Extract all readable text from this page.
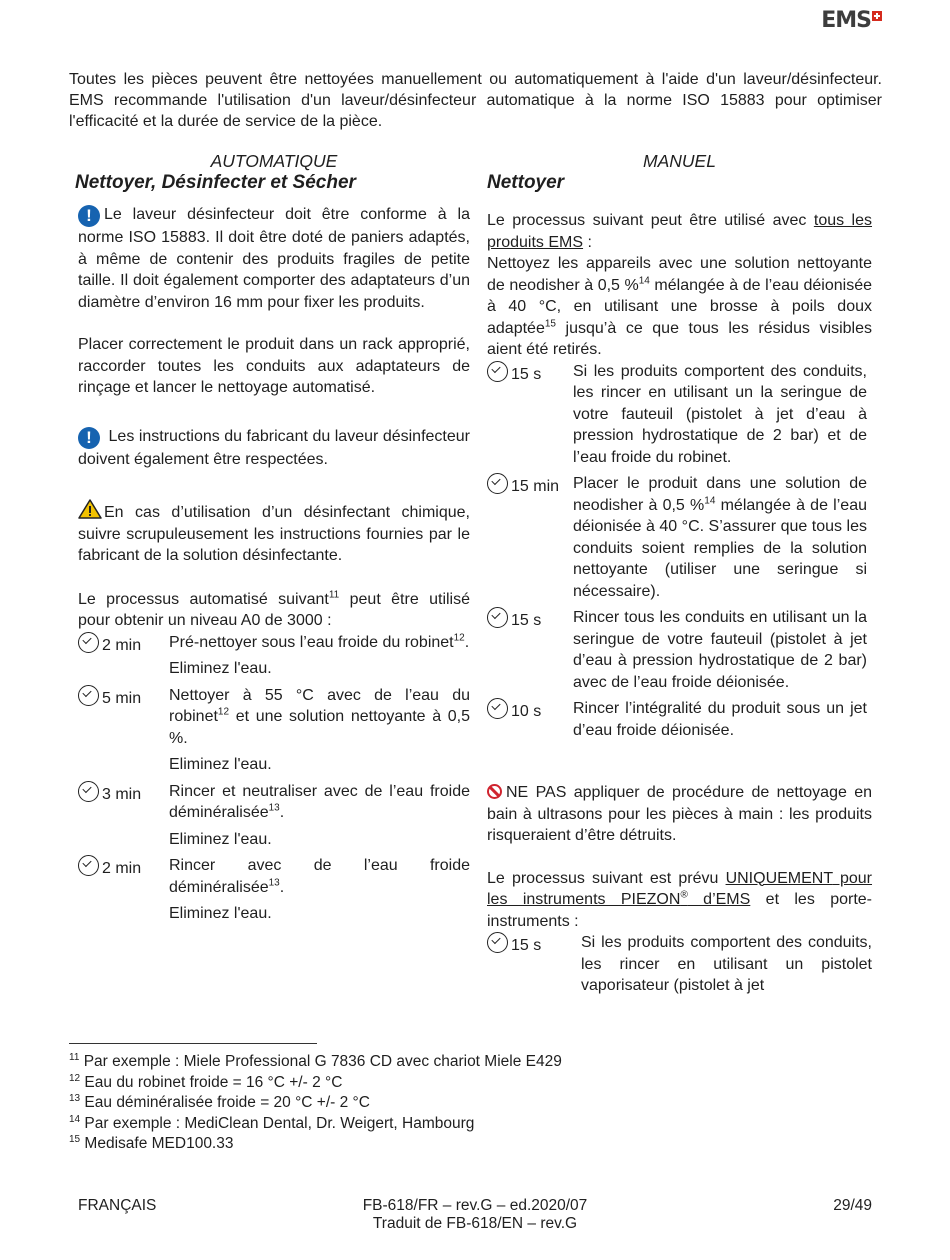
EMS
Toutes les pièces peuvent être nettoyées manuellement ou automatiquement à l'aide d'un laveur/désinfecteur. EMS recommande l'utilisation d'un laveur/désinfecteur automatique à la norme ISO 15883 pour optimiser l'efficacité et la durée de service de la pièce.
AUTOMATIQUE
Nettoyer, Désinfecter et Sécher

! Le laveur désinfecteur doit être conforme à la norme ISO 15883. Il doit être doté de paniers adaptés, à même de contenir des produits fragiles de petite taille. Il doit également comporter des adaptateurs d’un diamètre d’environ 16 mm pour fixer les produits.

Placer correctement le produit dans un rack approprié, raccorder toutes les conduits aux adaptateurs de rinçage et lancer le nettoyage automatisé.

! Les instructions du fabricant du laveur désinfecteur doivent également être respectées.

En cas d’utilisation d’un désinfectant chimique, suivre scrupuleusement les instructions fournies par le fabricant de la solution désinfectante.

Le processus automatisé suivant$^{11}$ peut être utilisé pour obtenir un niveau A0 de 3000 :

2 min Pré-nettoyer sous l’eau froide du robinet$^{12}$.

Eliminez l'eau.

5 min Nettoyer à 55 °C avec de l’eau du robinet$^{12}$ et une solution nettoyante à 0,5 %.

Eliminez l'eau.

3 min Rincer et neutraliser avec de l’eau froide déminéralisée$^{13}$.

Eliminez l'eau.

2 min Rincer avec de l’eau froide déminéralisée$^{13}$.

Eliminez l'eau.

MANUEL
Nettoyer

Le processus suivant peut être utilisé avec tous les produits EMS :

Nettoyez les appareils avec une solution nettoyante de neodisher à 0,5 %$^{14}$ mélangée à de l’eau déionisée à 40 °C, en utilisant une brosse à poils doux adaptée$^{15}$ jusqu’à ce que tous les résidus visibles aient été retirés.

15 s Si les produits comportent des conduits, les rincer en utilisant un la seringue de votre fauteuil (pistolet à jet d’eau à pression hydrostatique de 2 bar) et de l’eau froide du robinet.

15 min Placer le produit dans une solution de neodisher à 0,5 %$^{14}$ mélangée à de l’eau déionisée à 40 °C. S’assurer que tous les conduits soient remplies de la solution nettoyante (utiliser une seringue si nécessaire).

15 s Rincer tous les conduits en utilisant un la seringue de votre fauteuil (pistolet à jet d’eau à pression hydrostatique de 2 bar) avec de l’eau froide déionisée.

10 s Rincer l’intégralité du produit sous un jet d’eau froide déionisée.

NE PAS appliquer de procédure de nettoyage en bain à ultrasons pour les pièces à main : les produits risqueraient d’être détruits.

Le processus suivant est prévu UNIQUEMENT pour les instruments PIEZON® d’EMS et les porte-instruments :

15 s Si les produits comportent des conduits, les rincer en utilisant un pistolet vaporisateur (pistolet à jet

$^{11}$ Par exemple : Miele Professional G 7836 CD avec chariot Miele E429
$^{12}$ Eau du robinet froide = 16 °C +/- 2 °C
$^{13}$ Eau déminéralisée froide = 20 °C +/- 2 °C
$^{14}$ Par exemple : MediClean Dental, Dr. Weigert, Hambourg
$^{15}$ Medisafe MED100.33
FRANÇAIS	FB-618/FR – rev.G – ed.2020/07
Traduit de FB-618/EN – rev.G
29/49
